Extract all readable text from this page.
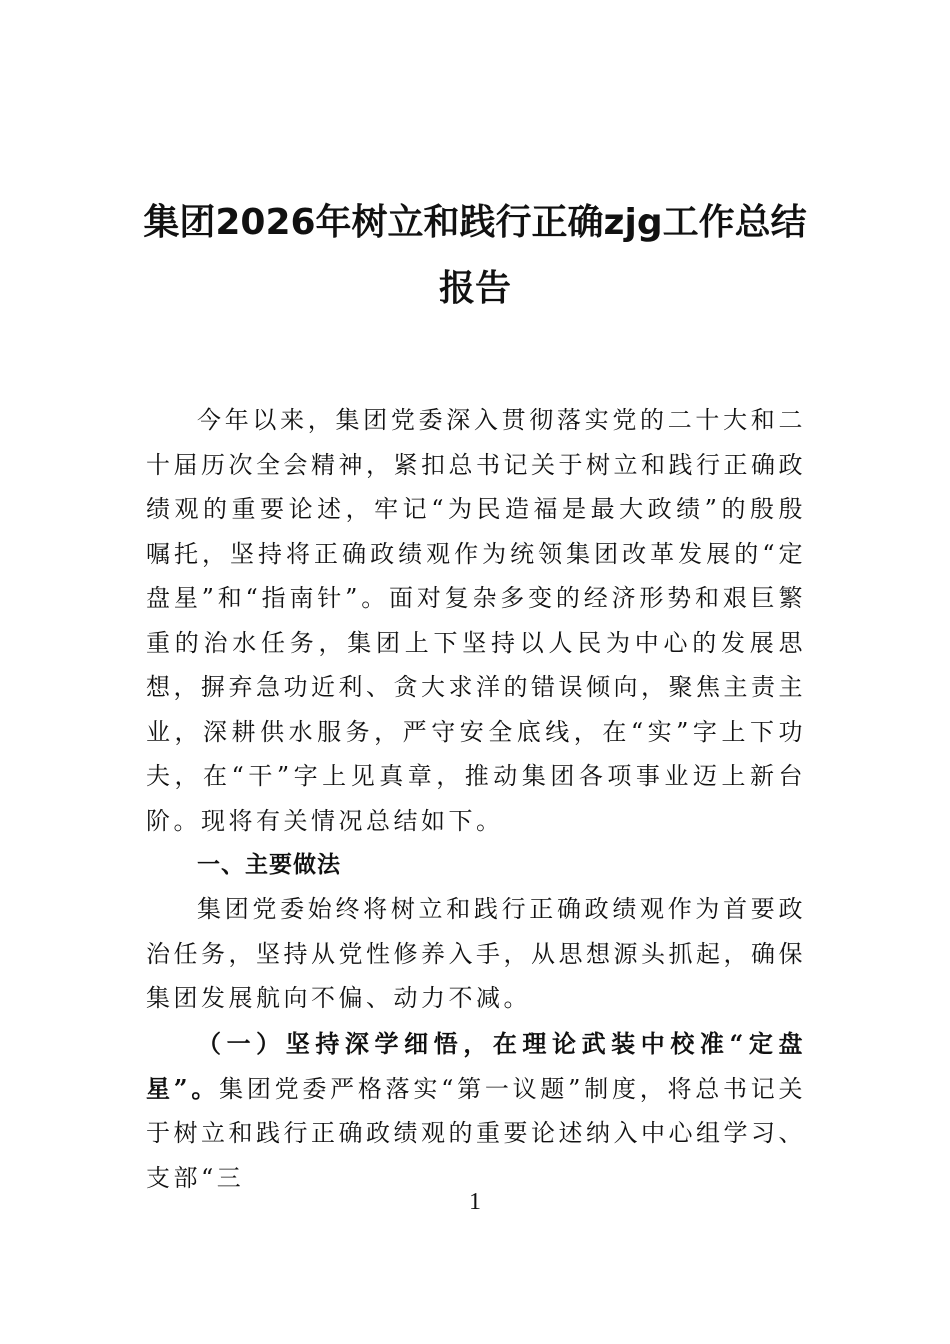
集团2026年树立和践行正确zjg工作总结
报告

今年以来，集团党委深入贯彻落实党的二十大和二十届历次全会精神，紧扣总书记关于树立和践行正确政绩观的重要论述，牢记“为民造福是最大政绩”的殷殷嘱托，坚持将正确政绩观作为统领集团改革发展的“定盘星”和“指南针”。面对复杂多变的经济形势和艰巨繁重的治水任务，集团上下坚持以人民为中心的发展思想，摒弃急功近利、贪大求洋的错误倾向，聚焦主责主业，深耕供水服务，严守安全底线，在“实”字上下功夫，在“干”字上见真章，推动集团各项事业迈上新台阶。现将有关情况总结如下。

一、主要做法

集团党委始终将树立和践行正确政绩观作为首要政治任务，坚持从党性修养入手，从思想源头抓起，确保集团发展航向不偏、动力不减。

（一）坚持深学细悟，在理论武装中校准“定盘星”。集团党委严格落实“第一议题”制度，将总书记关于树立和践行正确政绩观的重要论述纳入中心组学习、支部“三

1
